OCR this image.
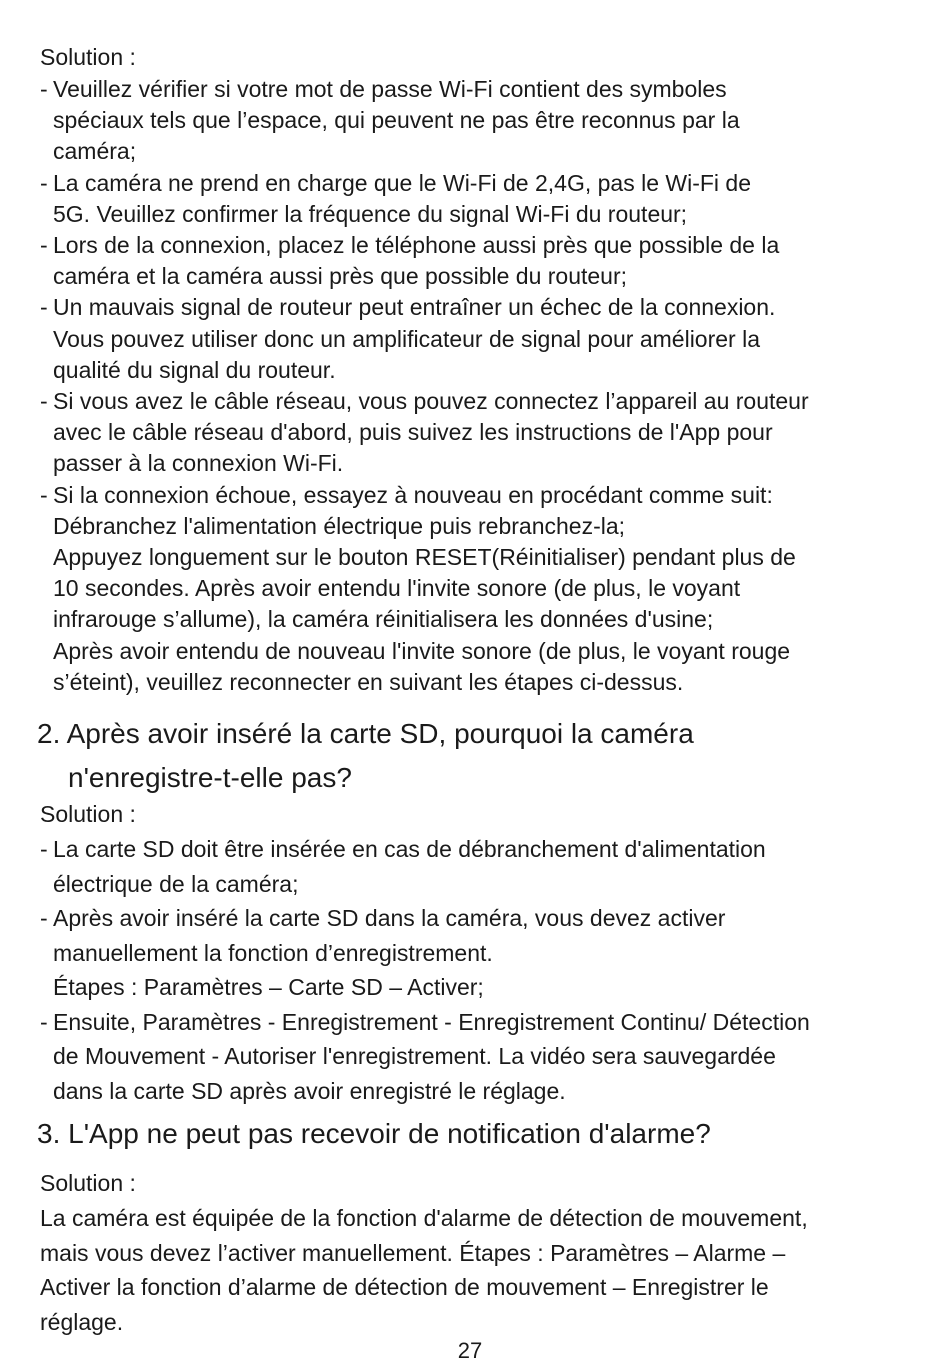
Solution :

- Veuillez vérifier si votre mot de passe Wi-Fi contient des symboles
spéciaux tels que l’espace, qui peuvent ne pas être reconnus par la
caméra;

- La caméra ne prend en charge que le Wi-Fi de 2,4G, pas le Wi-Fi de
5G. Veuillez confirmer la fréquence du signal Wi-Fi du routeur;

- Lors de la connexion, placez le téléphone aussi près que possible de la
caméra et la caméra aussi près que possible du routeur;

- Un mauvais signal de routeur peut entraîner un échec de la connexion.
Vous pouvez utiliser donc un amplificateur de signal pour améliorer la
qualité du signal du routeur.

- Si vous avez le câble réseau, vous pouvez connectez l’appareil au routeur
avec le câble réseau d'abord, puis suivez les instructions de l'App pour
passer à la connexion Wi-Fi.

- Si la connexion échoue, essayez à nouveau en procédant comme suit:
Débranchez l'alimentation électrique puis rebranchez-la;

Appuyez longuement sur le bouton RESET(Réinitialiser) pendant plus de
10 secondes. Après avoir entendu l'invite sonore (de plus, le voyant
infrarouge s’allume), la caméra réinitialisera les données d'usine;

Après avoir entendu de nouveau l'invite sonore (de plus, le voyant rouge
s’éteint), veuillez reconnecter en suivant les étapes ci-dessus.

2. Après avoir inséré la carte SD, pourquoi la caméra
n'enregistre-t-elle pas?

Solution :

- La carte SD doit être insérée en cas de débranchement d'alimentation
électrique de la caméra;

- Après avoir inséré la carte SD dans la caméra, vous devez activer
manuellement la fonction d’enregistrement.

Étapes : Paramètres – Carte SD – Activer;

- Ensuite, Paramètres - Enregistrement - Enregistrement Continu/ Détection
de Mouvement - Autoriser l'enregistrement. La vidéo sera sauvegardée
dans la carte SD après avoir enregistré le réglage.

3. L'App ne peut pas recevoir de notification d'alarme?

Solution :

La caméra est équipée de la fonction d'alarme de détection de mouvement,
mais vous devez l’activer manuellement. Étapes : Paramètres – Alarme –
Activer la fonction d’alarme de détection de mouvement – Enregistrer le
réglage.

27
